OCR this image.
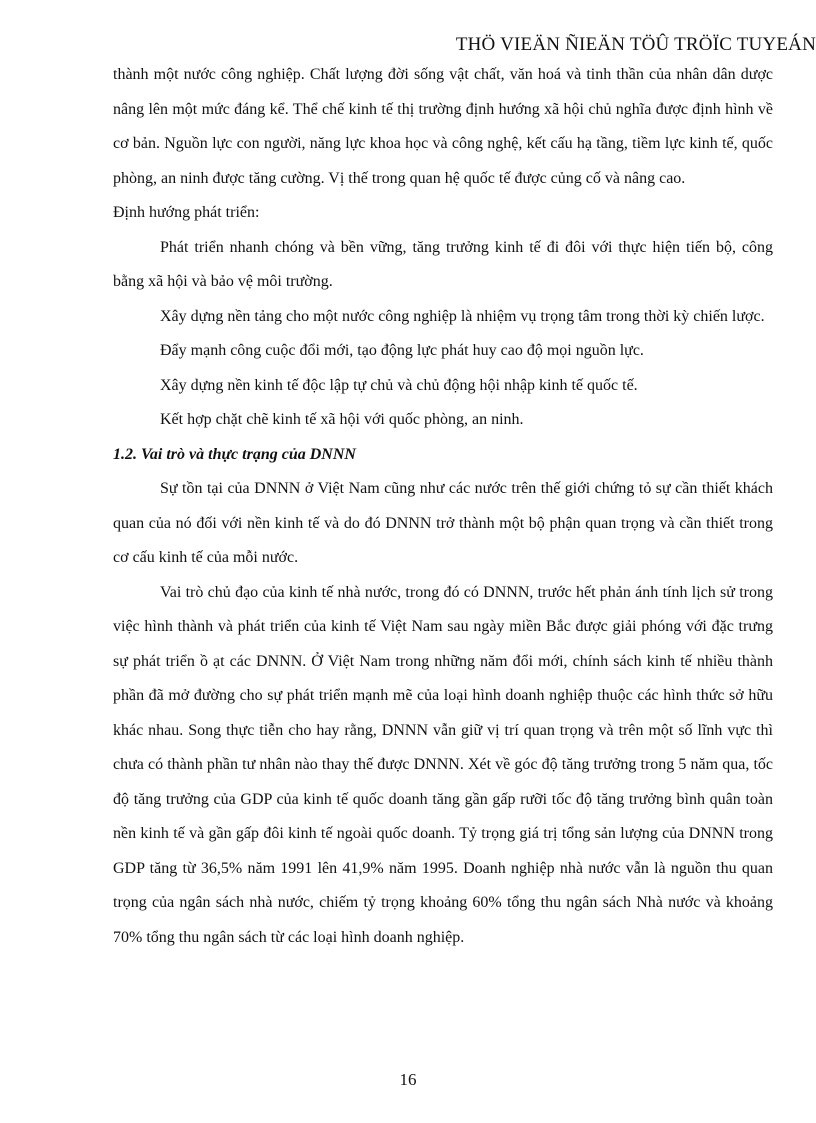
THÖ VIEÄN ÑIEÄN TÖÛ TRÖÏC TUYEÁN

thành một nước công nghiệp. Chất lượng đời sống vật chất, văn hoá và tinh thần của nhân dân dược nâng lên một mức đáng kể. Thể chế kinh tế thị trường định hướng xã hội chủ nghĩa được định hình về cơ bản. Nguồn lực con người, năng lực khoa học và công nghệ, kết cấu hạ tầng, tiềm lực kinh tế, quốc phòng, an ninh được tăng cường. Vị thế trong quan hệ quốc tế được củng cố và nâng cao.

Định hướng phát triển:

Phát triển nhanh chóng và bền vững, tăng trưởng kinh tế đi đôi với thực hiện tiến bộ, công bằng xã hội và bảo vệ môi trường.

Xây dựng nền tảng cho một nước công nghiệp là nhiệm vụ trọng tâm trong thời kỳ chiến lược.

Đẩy mạnh công cuộc đổi mới, tạo động lực phát huy cao độ mọi nguồn lực.

Xây dựng nền kinh tế độc lập tự chủ và chủ động hội nhập kinh tế quốc tế.

Kết hợp chặt chẽ kinh tế xã hội với quốc phòng, an ninh.

1.2. Vai trò và thực trạng của DNNN

Sự tồn tại của DNNN ở Việt Nam cũng như các nước trên thế giới chứng tỏ sự cần thiết khách quan của nó đối với nền kinh tế và do đó DNNN trở thành một bộ phận quan trọng và cần thiết trong cơ cấu kinh tế của mỗi nước.

Vai trò chủ đạo của kinh tế nhà nước, trong đó có DNNN, trước hết phản ánh tính lịch sử trong việc hình thành và phát triển của kinh tế Việt Nam sau ngày miền Bắc được giải phóng với đặc trưng sự phát triển ồ ạt các DNNN. Ở Việt Nam trong những năm đổi mới, chính sách kinh tế nhiều thành phần đã mở đường cho sự phát triển mạnh mẽ của loại hình doanh nghiệp thuộc các hình thức sở hữu khác nhau. Song thực tiễn cho hay rằng, DNNN vẫn giữ vị trí quan trọng và trên một số lĩnh vực thì chưa có thành phần tư nhân nào thay thế được DNNN. Xét về góc độ tăng trưởng trong 5 năm qua, tốc độ tăng trưởng của GDP của kinh tế quốc doanh tăng gần gấp rưỡi tốc độ tăng trưởng bình quân toàn nền kinh tế và gần gấp đôi kinh tế ngoài quốc doanh. Tỷ trọng giá trị tổng sản lượng của DNNN trong GDP tăng từ 36,5% năm 1991 lên 41,9% năm 1995. Doanh nghiệp nhà nước vẫn là nguồn thu quan trọng của ngân sách nhà nước, chiếm tỷ trọng khoảng 60% tổng thu ngân sách Nhà nước và khoảng 70% tổng thu ngân sách từ các loại hình doanh nghiệp.

16
